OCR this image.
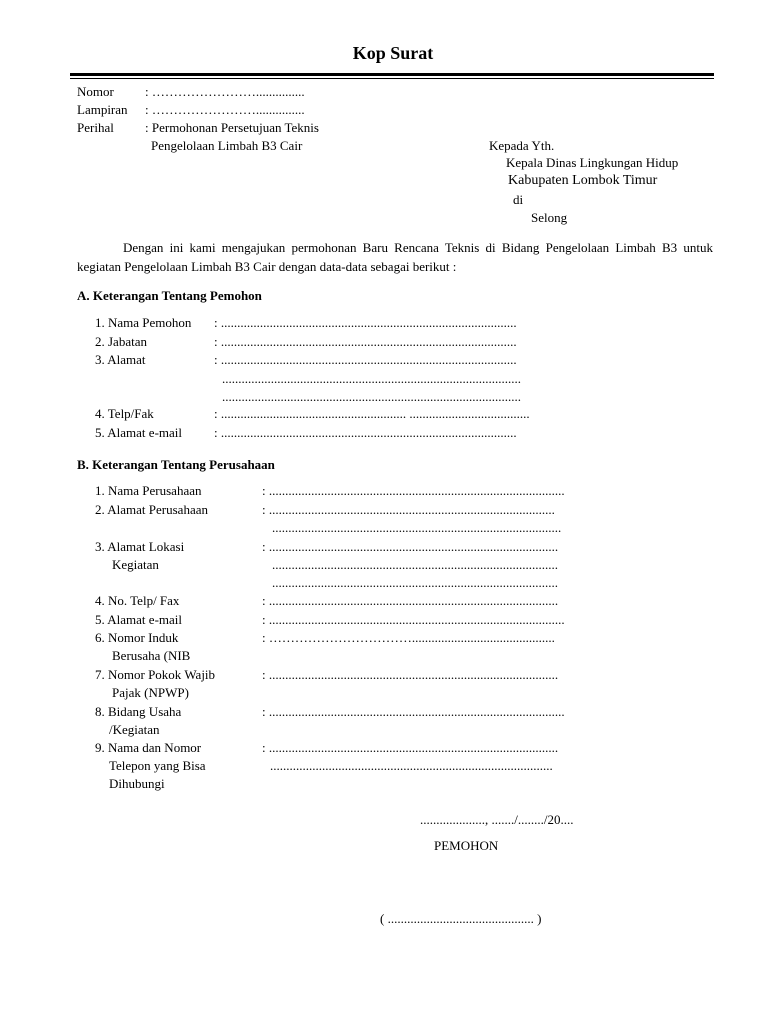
Kop Surat
Nomor : ……………………...............
Lampiran : ……………………...............
Perihal : Permohonan Persetujuan Teknis
Pengelolaan Limbah B3 Cair	Kepada Yth.
Kepala Dinas Lingkungan Hidup
Kabupaten Lombok Timur
di
Selong
Dengan ini kami mengajukan permohonan Baru Rencana Teknis di Bidang Pengelolaan Limbah B3 untuk kegiatan Pengelolaan Limbah B3 Cair dengan data-data sebagai berikut :
A. Keterangan Tentang Pemohon
1. Nama Pemohon : ...........................................................................................
2. Jabatan	: ...........................................................................................
3. Alamat	: ...........................................................................................
............................................................................................
............................................................................................
4. Telp/Fak	: ......................................................... .....................................
5. Alamat e-mail : ...........................................................................................
B. Keterangan Tentang Perusahaan
1. Nama Perusahaan	: ...........................................................................................
2. Alamat Perusahaan	: ........................................................................................
.........................................................................................
3. Alamat Lokasi
Kegiatan
: .........................................................................................
........................................................................................
........................................................................................
4. No. Telp/ Fax	: .........................................................................................
5. Alamat e-mail	: ...........................................................................................
6. Nomor Induk
Berusaha (NIB
: ……………………………............................................
7. Nomor Pokok Wajib
Pajak (NPWP)
: .........................................................................................
8. Bidang Usaha
/Kegiatan
: ...........................................................................................
9. Nama dan Nomor
Telepon yang Bisa
Dihubungi
: .........................................................................................
.......................................................................................
...................., ......./......../20....
PEMOHON
( ............................................. )
